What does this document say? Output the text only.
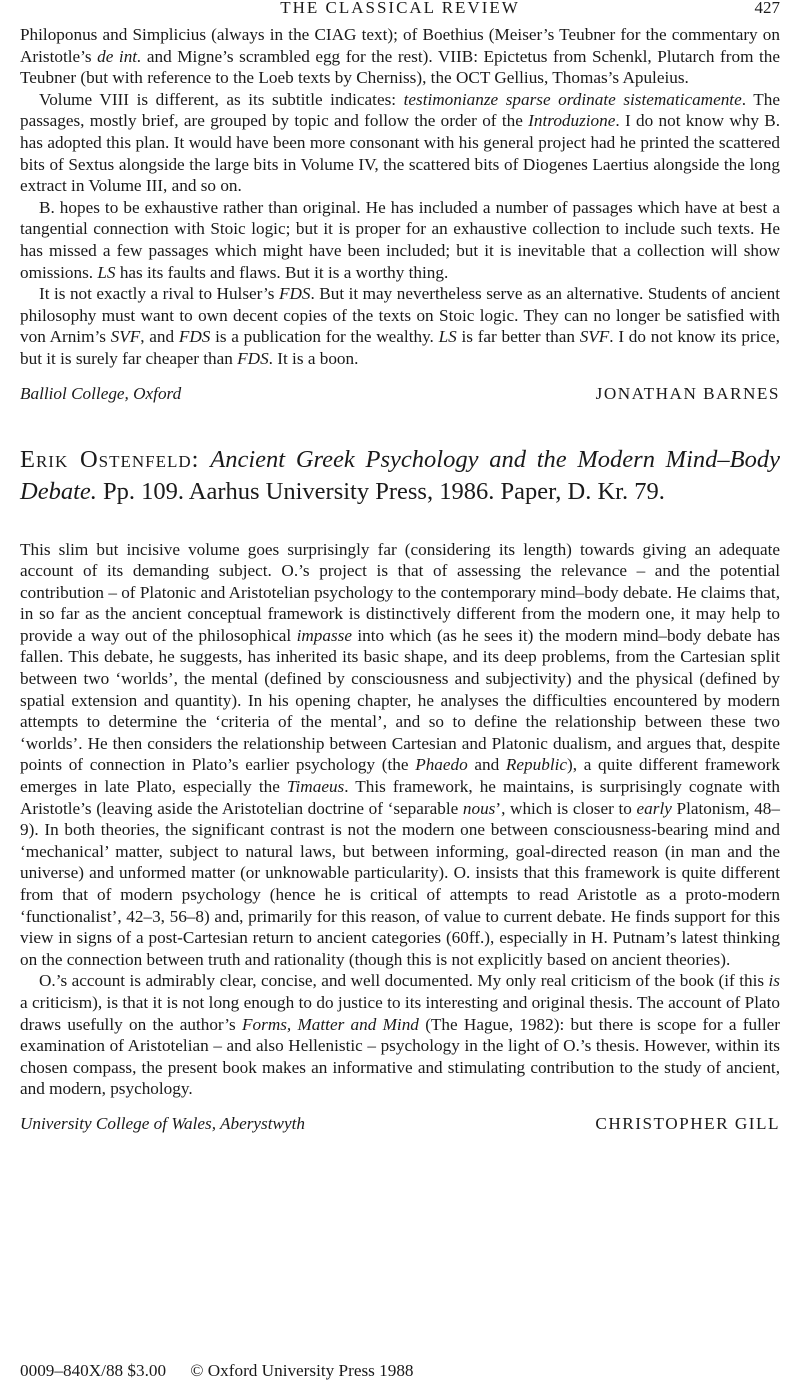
THE CLASSICAL REVIEW	427

Philoponus and Simplicius (always in the CIAG text); of Boethius (Meiser’s Teubner for the commentary on Aristotle’s de int. and Migne’s scrambled egg for the rest). VIIB: Epictetus from Schenkl, Plutarch from the Teubner (but with reference to the Loeb texts by Cherniss), the OCT Gellius, Thomas’s Apuleius.

Volume VIII is different, as its subtitle indicates: testimonianze sparse ordinate sistematicamente. The passages, mostly brief, are grouped by topic and follow the order of the Introduzione. I do not know why B. has adopted this plan. It would have been more consonant with his general project had he printed the scattered bits of Sextus alongside the large bits in Volume IV, the scattered bits of Diogenes Laertius alongside the long extract in Volume III, and so on.

B. hopes to be exhaustive rather than original. He has included a number of passages which have at best a tangential connection with Stoic logic; but it is proper for an exhaustive collection to include such texts. He has missed a few passages which might have been included; but it is inevitable that a collection will show omissions. LS has its faults and flaws. But it is a worthy thing.

It is not exactly a rival to Hulser’s FDS. But it may nevertheless serve as an alternative. Students of ancient philosophy must want to own decent copies of the texts on Stoic logic. They can no longer be satisfied with von Arnim’s SVF, and FDS is a publication for the wealthy. LS is far better than SVF. I do not know its price, but it is surely far cheaper than FDS. It is a boon.

Balliol College, Oxford	JONATHAN BARNES
Erik Ostenfeld: Ancient Greek Psychology and the Modern Mind–Body Debate. Pp. 109. Aarhus University Press, 1986. Paper, D. Kr. 79.

This slim but incisive volume goes surprisingly far (considering its length) towards giving an adequate account of its demanding subject. O.’s project is that of assessing the relevance – and the potential contribution – of Platonic and Aristotelian psychology to the contemporary mind–body debate. He claims that, in so far as the ancient conceptual framework is distinctively different from the modern one, it may help to provide a way out of the philosophical impasse into which (as he sees it) the modern mind–body debate has fallen. This debate, he suggests, has inherited its basic shape, and its deep problems, from the Cartesian split between two ‘worlds’, the mental (defined by consciousness and subjectivity) and the physical (defined by spatial extension and quantity). In his opening chapter, he analyses the difficulties encountered by modern attempts to determine the ‘criteria of the mental’, and so to define the relationship between these two ‘worlds’. He then considers the relationship between Cartesian and Platonic dualism, and argues that, despite points of connection in Plato’s earlier psychology (the Phaedo and Republic), a quite different framework emerges in late Plato, especially the Timaeus. This framework, he maintains, is surprisingly cognate with Aristotle’s (leaving aside the Aristotelian doctrine of ‘separable nous’, which is closer to early Platonism, 48–9). In both theories, the significant contrast is not the modern one between consciousness-bearing mind and ‘mechanical’ matter, subject to natural laws, but between informing, goal-directed reason (in man and the universe) and unformed matter (or unknowable particularity). O. insists that this framework is quite different from that of modern psychology (hence he is critical of attempts to read Aristotle as a proto-modern ‘functionalist’, 42–3, 56–8) and, primarily for this reason, of value to current debate. He finds support for this view in signs of a post-Cartesian return to ancient categories (60ff.), especially in H. Putnam’s latest thinking on the connection between truth and rationality (though this is not explicitly based on ancient theories).

O.’s account is admirably clear, concise, and well documented. My only real criticism of the book (if this is a criticism), is that it is not long enough to do justice to its interesting and original thesis. The account of Plato draws usefully on the author’s Forms, Matter and Mind (The Hague, 1982): but there is scope for a fuller examination of Aristotelian – and also Hellenistic – psychology in the light of O.’s thesis. However, within its chosen compass, the present book makes an informative and stimulating contribution to the study of ancient, and modern, psychology.

University College of Wales, Aberystwyth	CHRISTOPHER GILL
0009–840X/88 $3.00 © Oxford University Press 1988
